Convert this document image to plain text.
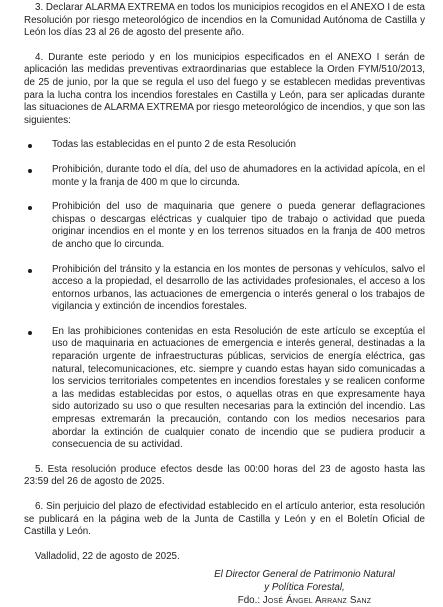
3. Declarar ALARMA EXTREMA en todos los municipios recogidos en el ANEXO I de esta Resolución por riesgo meteorológico de incendios en la Comunidad Autónoma de Castilla y León los días 23 al 26 de agosto del presente año.

4. Durante este periodo y en los municipios especificados en el ANEXO I serán de aplicación las medidas preventivas extraordinarias que establece la Orden FYM/510/2013, de 25 de junio, por la que se regula el uso del fuego y se establecen medidas preventivas para la lucha contra los incendios forestales en Castilla y León, para ser aplicadas durante las situaciones de ALARMA EXTREMA por riesgo meteorológico de incendios, y que son las siguientes:

Todas las establecidas en el punto 2 de esta Resolución
Prohibición, durante todo el día, del uso de ahumadores en la actividad apícola, en el monte y la franja de 400 m que lo circunda.
Prohibición del uso de maquinaria que genere o pueda generar deflagraciones chispas o descargas eléctricas y cualquier tipo de trabajo o actividad que pueda originar incendios en el monte y en los terrenos situados en la franja de 400 metros de ancho que lo circunda.
Prohibición del tránsito y la estancia en los montes de personas y vehículos, salvo el acceso a la propiedad, el desarrollo de las actividades profesionales, el acceso a los entornos urbanos, las actuaciones de emergencia o interés general o los trabajos de vigilancia y extinción de incendios forestales.
En las prohibiciones contenidas en esta Resolución de este artículo se exceptúa el uso de maquinaria en actuaciones de emergencia e interés general, destinadas a la reparación urgente de infraestructuras públicas, servicios de energía eléctrica, gas natural, telecomunicaciones, etc. siempre y cuando estas hayan sido comunicadas a los servicios territoriales competentes en incendios forestales y se realicen conforme a las medidas establecidas por estos, o aquellas otras en que expresamente haya sido autorizado su uso o que resulten necesarias para la extinción del incendio. Las empresas extremarán la precaución, contando con los medios necesarios para abordar la extinción de cualquier conato de incendio que se pudiera producir a consecuencia de su actividad.

5. Esta resolución produce efectos desde las 00:00 horas del 23 de agosto hasta las 23:59 del 26 de agosto de 2025.

6. Sin perjuicio del plazo de efectividad establecido en el artículo anterior, esta resolución se publicará en la página web de la Junta de Castilla y León y en el Boletín Oficial de Castilla y León.

Valladolid, 22 de agosto de 2025.

El Director General de Patrimonio Natural
y Política Forestal,
Fdo.: José Ángel Arranz Sanz
